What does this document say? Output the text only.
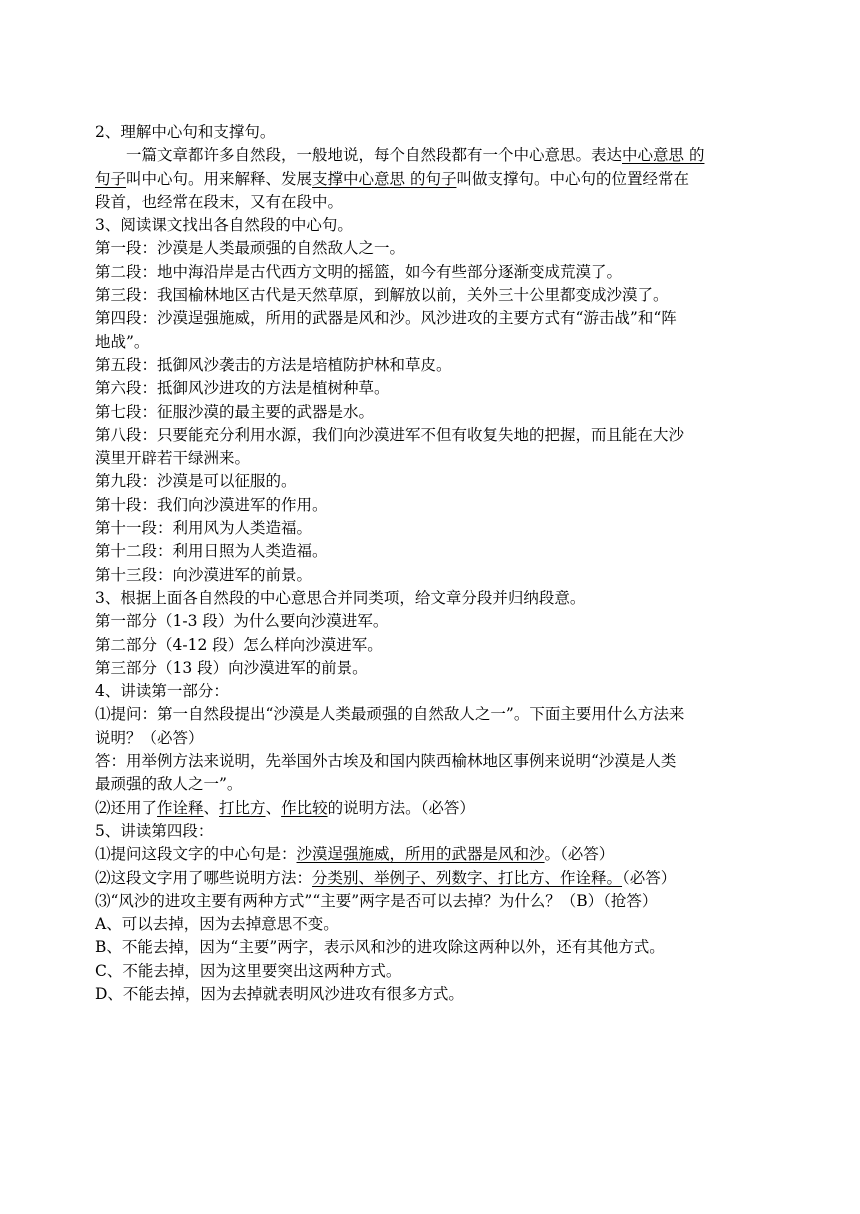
2、理解中心句和支撑句。
一篇文章都许多自然段，一般地说，每个自然段都有一个中心意思。表达中心意思 的
句子叫中心句。用来解释、发展支撑中心意思 的句子叫做支撑句。中心句的位置经常在
段首，也经常在段末，又有在段中。
3、阅读课文找出各自然段的中心句。
第一段：沙漠是人类最顽强的自然敌人之一。
第二段：地中海沿岸是古代西方文明的摇篮，如今有些部分逐渐变成荒漠了。
第三段：我国榆林地区古代是天然草原，到解放以前，关外三十公里都变成沙漠了。
第四段：沙漠逞强施威，所用的武器是风和沙。风沙进攻的主要方式有“游击战”和“阵
地战”。
第五段：抵御风沙袭击的方法是培植防护林和草皮。
第六段：抵御风沙进攻的方法是植树种草。
第七段：征服沙漠的最主要的武器是水。
第八段：只要能充分利用水源，我们向沙漠进军不但有收复失地的把握，而且能在大沙
漠里开辟若干绿洲来。
第九段：沙漠是可以征服的。
第十段：我们向沙漠进军的作用。
第十一段：利用风为人类造福。
第十二段：利用日照为人类造福。
第十三段：向沙漠进军的前景。
3、根据上面各自然段的中心意思合并同类项，给文章分段并归纳段意。
第一部分（1-3 段）为什么要向沙漠进军。
第二部分（4-12 段）怎么样向沙漠进军。
第三部分（13 段）向沙漠进军的前景。
4、讲读第一部分：
⑴提问：第一自然段提出“沙漠是人类最顽强的自然敌人之一”。下面主要用什么方法来
说明？（必答）
答：用举例方法来说明，先举国外古埃及和国内陕西榆林地区事例来说明“沙漠是人类
最顽强的敌人之一”。
⑵还用了作诠释、打比方、作比较的说明方法。（必答）
5、讲读第四段：
⑴提问这段文字的中心句是：沙漠逞强施威，所用的武器是风和沙。（必答）
⑵这段文字用了哪些说明方法：分类别、举例子、列数字、打比方、作诠释。（必答）
⑶“风沙的进攻主要有两种方式”“主要”两字是否可以去掉？为什么？（B）（抢答）
A、可以去掉，因为去掉意思不变。
B、不能去掉，因为“主要”两字，表示风和沙的进攻除这两种以外，还有其他方式。
C、不能去掉，因为这里要突出这两种方式。
D、不能去掉，因为去掉就表明风沙进攻有很多方式。
